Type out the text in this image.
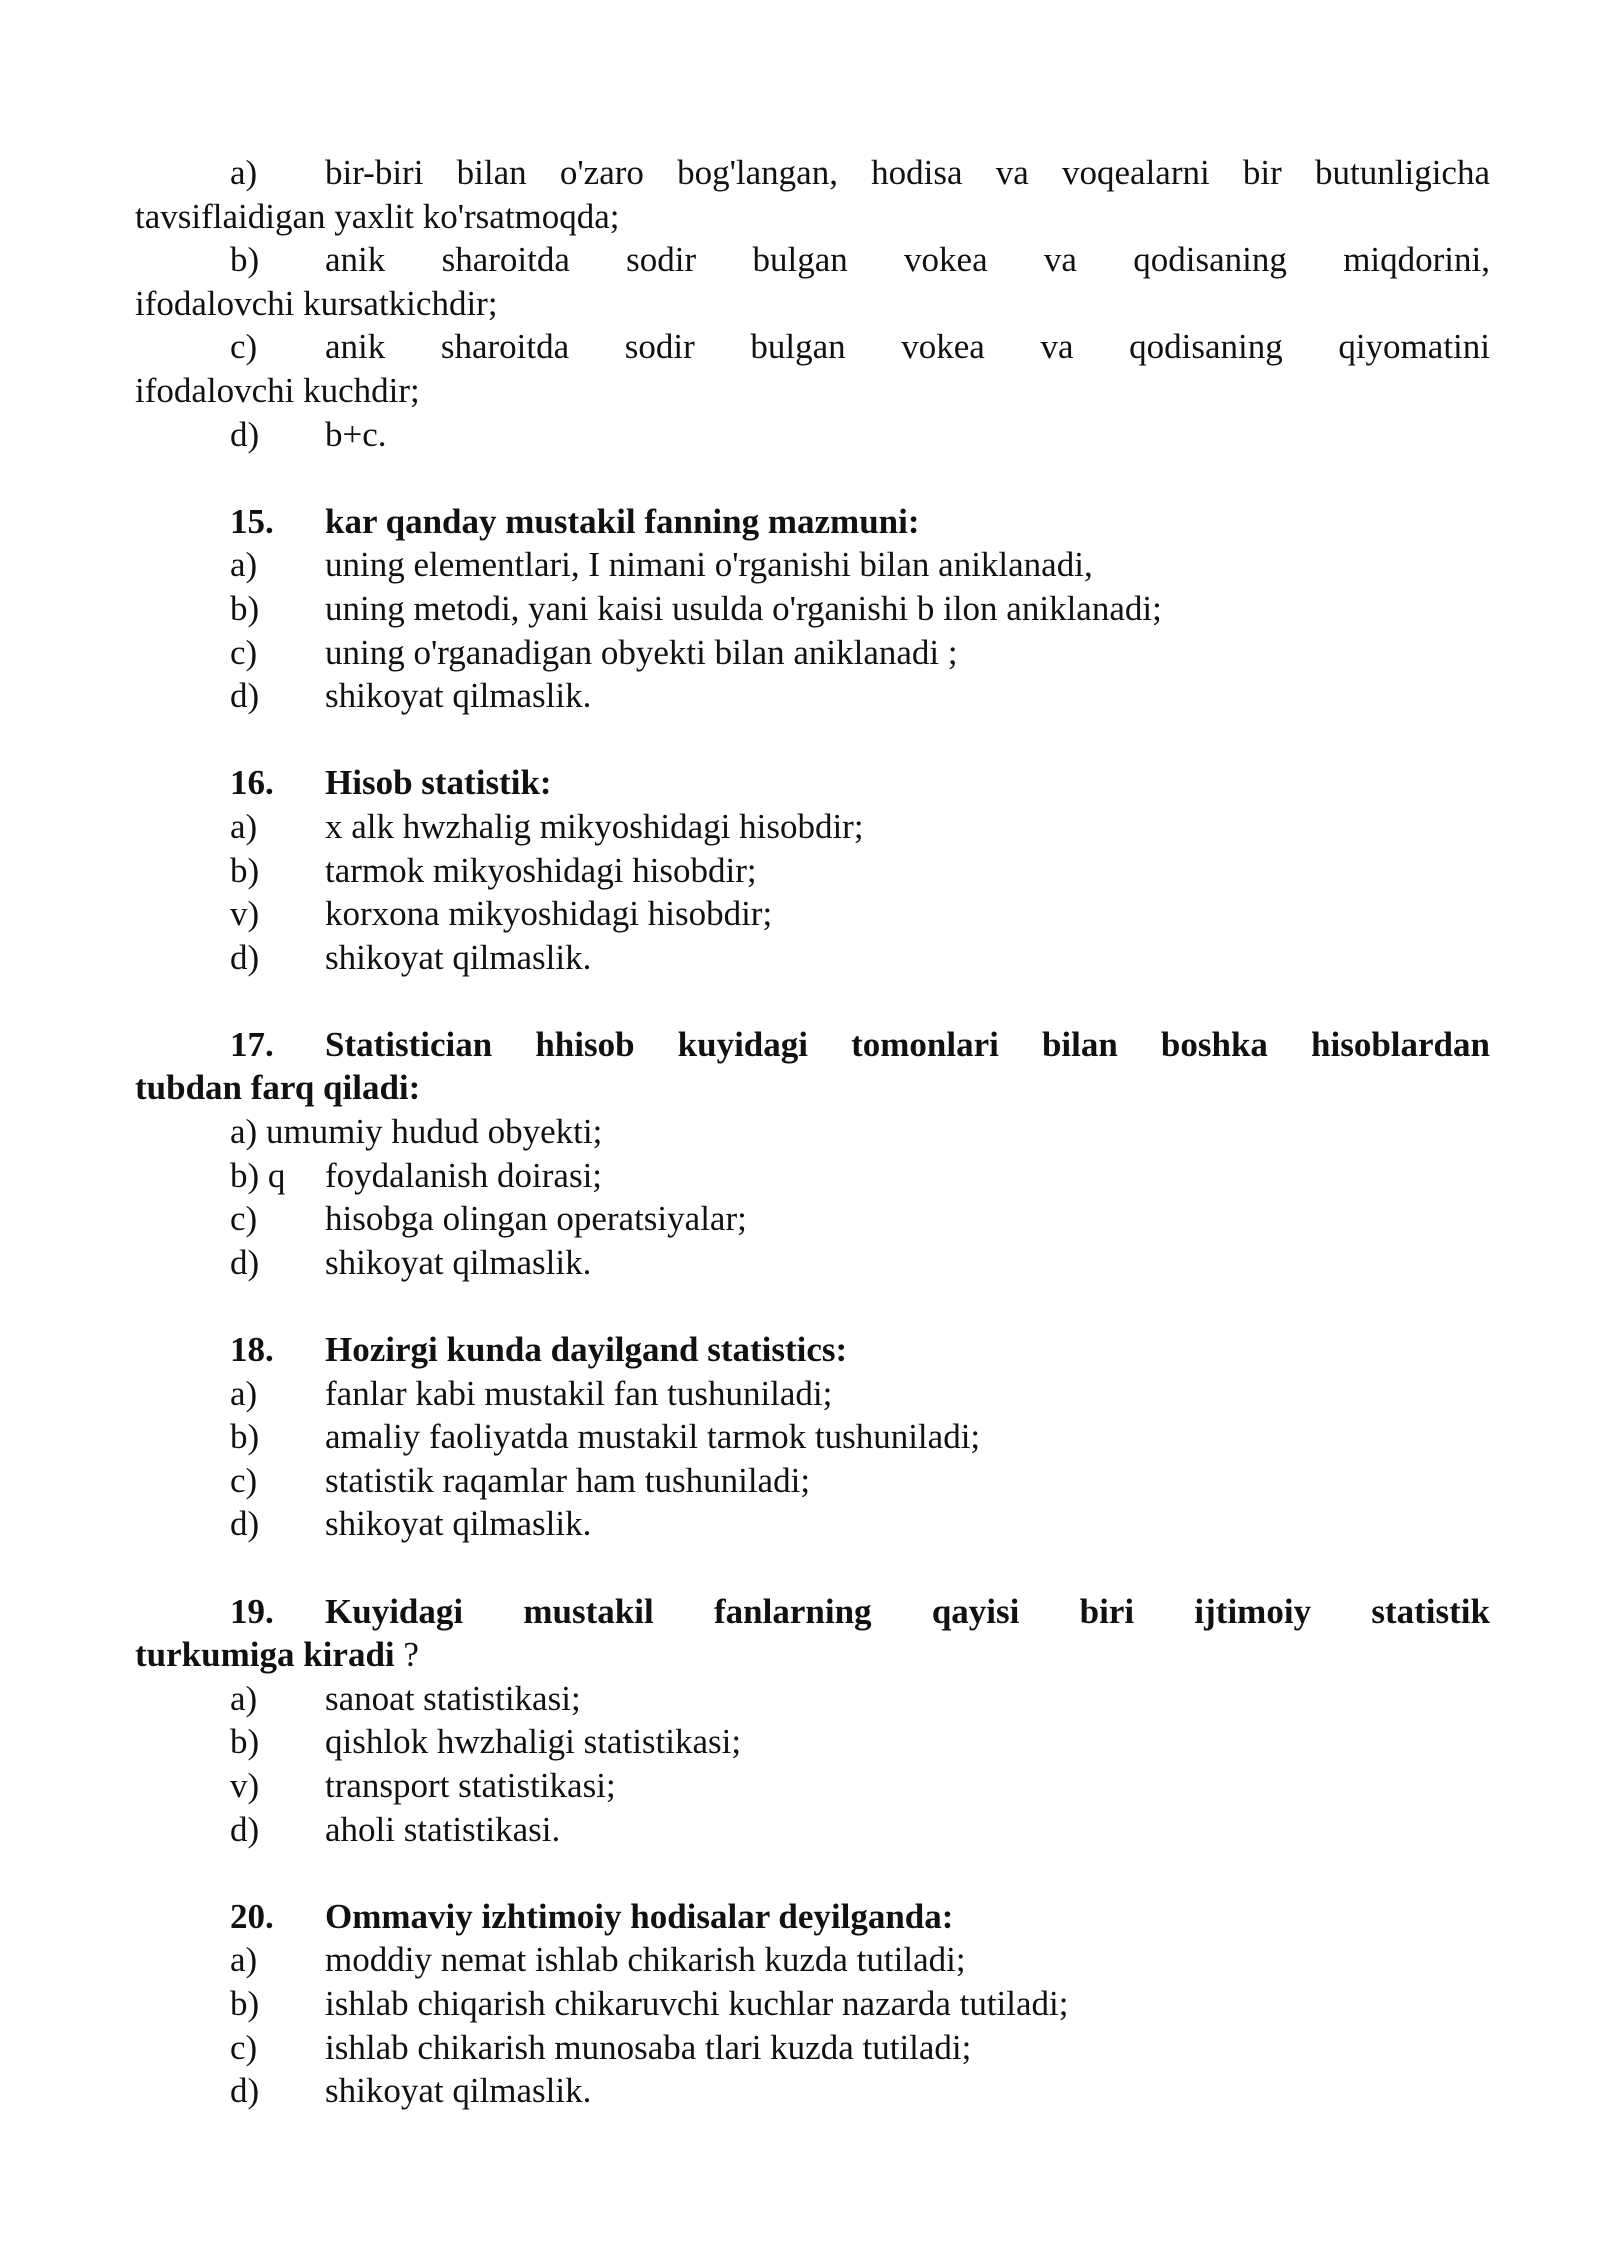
a)	bir-biri bilan o'zaro bog'langan, hodisa va voqealarni bir butunligicha
tavsiflaidigan yaxlit ko'rsatmoqda;
b)	anik sharoitda sodir bulgan vokea va qodisaning miqdorini,
ifodalovchi kursatkichdir;
c)	anik sharoitda sodir bulgan vokea va qodisaning qiyomatini
ifodalovchi kuchdir;
d)	b+c.
15.	kar qanday mustakil fanning mazmuni:
a)	uning elementlari, I nimani o'rganishi bilan aniklanadi,
b)	uning metodi, yani kaisi usulda o'rganishi b ilon aniklanadi;
c)	uning o'rganadigan obyekti bilan aniklanadi ;
d)	shikoyat qilmaslik.
16.	Hisob statistik:
a)	x alk hwzhalig mikyoshidagi hisobdir;
b)	tarmok mikyoshidagi hisobdir;
v)	korxona mikyoshidagi hisobdir;
d)	shikoyat qilmaslik.
17.	Statistician hhisob kuyidagi tomonlari bilan boshka hisoblardan
tubdan farq qiladi:
a) umumiy hudud obyekti;
b) q	foydalanish doirasi;
c)	hisobga olingan operatsiyalar;
d)	shikoyat qilmaslik.
18.	Hozirgi kunda dayilgand statistics:
a)	fanlar kabi mustakil fan tushuniladi;
b)	amaliy faoliyatda mustakil tarmok tushuniladi;
c)	statistik raqamlar ham tushuniladi;
d)	shikoyat qilmaslik.
19.	Kuyidagi mustakil fanlarning qayisi biri ijtimoiy statistik
turkumiga kiradi ?
a)	sanoat statistikasi;
b)	qishlok hwzhaligi statistikasi;
v)	transport statistikasi;
d)	aholi statistikasi.
20.	Ommaviy izhtimoiy hodisalar deyilganda:
a)	moddiy nemat ishlab chikarish kuzda tutiladi;
b)	ishlab chiqarish chikaruvchi kuchlar nazarda tutiladi;
c)	ishlab chikarish munosaba tlari kuzda tutiladi;
d)	shikoyat qilmaslik.
